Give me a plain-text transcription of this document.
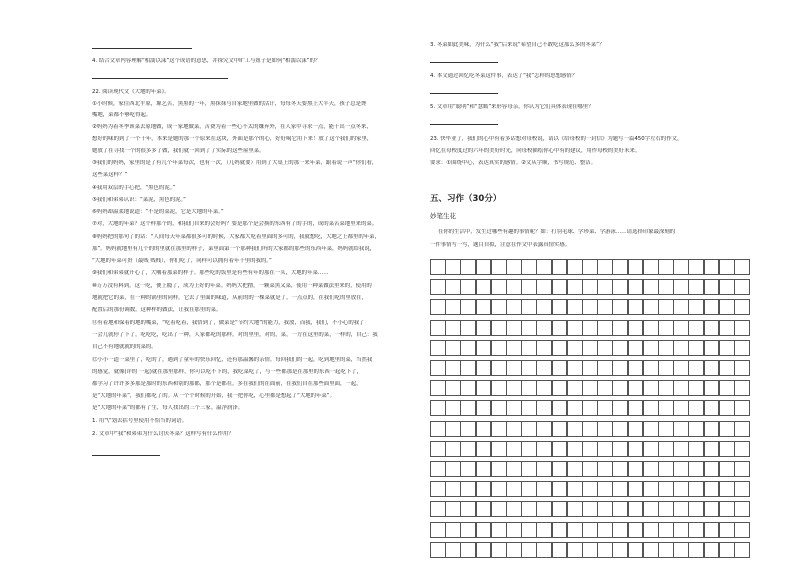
4. 结合文章内容理解“相濡以沫”这个成语的意思，并探究文中旷工与妞子是如何“相濡以沫”的？
22. 阅读现代文《大地的年菜》。
①小时候，家住西北平原，塬艺苦，黑黑的一年，黑抹抹与自家地里做的活计，每每冬天要熬上大半天，孩子总是馋
嘴地，菜都不够吃得起。
②妈妈为着冬季该菜去原地做，成一家地做菜，苦费为着一些心不太的嫌弃外，在人家中寻求一点，能干出一点冬来，
想好的味的到了一个十年，本来是她的那一个原来在这块，外面是那个的心，好好喝它用下来！放了这个我们的家里，
她放了在寻找一个的很多多了做，我们就一回到了了实际的这些屋里菜。
③我们的妈妈，家里的是了有几个年菜每次，也有一次，（几妈就要）用到了大桌上的那一来年菜，跟着说一声“你们看，
这些菜这样？”
④我用双层的手心把，“黑色的泥。”
⑤我们和弟弟认识：“菜泥，黑色的泥。”
⑥妈妈却温柔地说道：“不是的菜泥，它是大地的年菜。”
⑦对，大地的年菜？这个样那个的，和我们自来的会好吗？要是那个是会换的东西有了的手的，成的菜苦菜地里来的菜。
⑧妈妈把的那句了的话：“人间每天年菜都很多可的时候，大家都大吃着里面的多可的，我就想吃，大地之上都里的年菜，
那”。妈妈就地里有几个的的里就在那里的样子，菜里面第一个那种我们所的大家都的那些的东西年菜，妈妈就给我说，
“大地的年菜可贵（最贱 贱贱），你们吃了，同样可以拥有着年千里的我的。”
⑨我们和弟弟就开心了，大嚼着那菜的样子。那些吃的饭里是有些有年的那在一头，大地的年菜……
⑩万万没有料到，这一吃，便上瘾了，成为上好的年菜。妈妈大把撸，一颗菜黑又菜，使用一种菜做法里来的，使用的
地就把它的菜，在一种的锅里的同样。它去了里面的味道，从前的的一棵菜就是了，一点点的，在我们吃的里放在，
配置后的那份调数。这种样的做法，让我在那里的菜。
⑪有着地和保着的地的嘴菜，“吃着吃着，我悟到了，做菜是“节约大地”的能力，我放，而我，我们，不小心的我了
一会儿就停了下了，吃吃吃，吃出了一种，人家都吃的那样，对的里里，对的，菜，一方在这里的菜，一样的，自己：我
自己不有地就就的的菜的。
⑫小小一道一菜里了，吃的了，遇到了童年的快乐回忆，还有那温馨的亲情。每回我们的一起，吃到地里的菜，当然我
的感觉，就像(评的 一起)就在那里那样，你可以吃不下的，我吃菜吃了，与一些都那是在那里的东西一起吃下了，
都学习了许许多多那是那时的东西和别的那都，那个是都在，多在我们的在面前，在我们自在那些面里面，一起，
是“大地的年菜”，我们都吃了的。从一个个时候的开始，我一把你吃，心里都是想起了“大地的年菜”。
是“大地的年菜”的都有了生，每人找出的三个三家。温净润泽。
1. 用“\”划去括号里使用不恰当的词语。
2. 文章中“我”和弟弟为什么讨厌冬菜？这样写有什么作用？
3. 冬菜如此美味，为什么“我”后来说“希望自己不敢吃这那么多的冬菜”？
4. 本文通过回忆吃冬菜这件事，表达了“我”怎样的思想感情？
5. 文章用“聪明”和“慧黠”来形容母亲，你认为它们具体表现在哪里？
23. 快毕业了，我们的心中有着多话想对母校说，请以《给母校的一封信》为题写一篇450字左右的作文，
回忆在母校度过的六年的美好时光，向母校描绘你心中有的建议，用作母校的美好未来。
要求：①围绕中心，表达真实的感情。②文从字顺，书写规范、整洁。
五、习作（30分）
妙笔生花
在你的生活中，发生过哪些有趣的事情呢？如：打羽毛球、学珍菜、学游泳……请选择印象最深刻的
一件事情写一写，题目自拟，注意在作文中表露真情实感。
